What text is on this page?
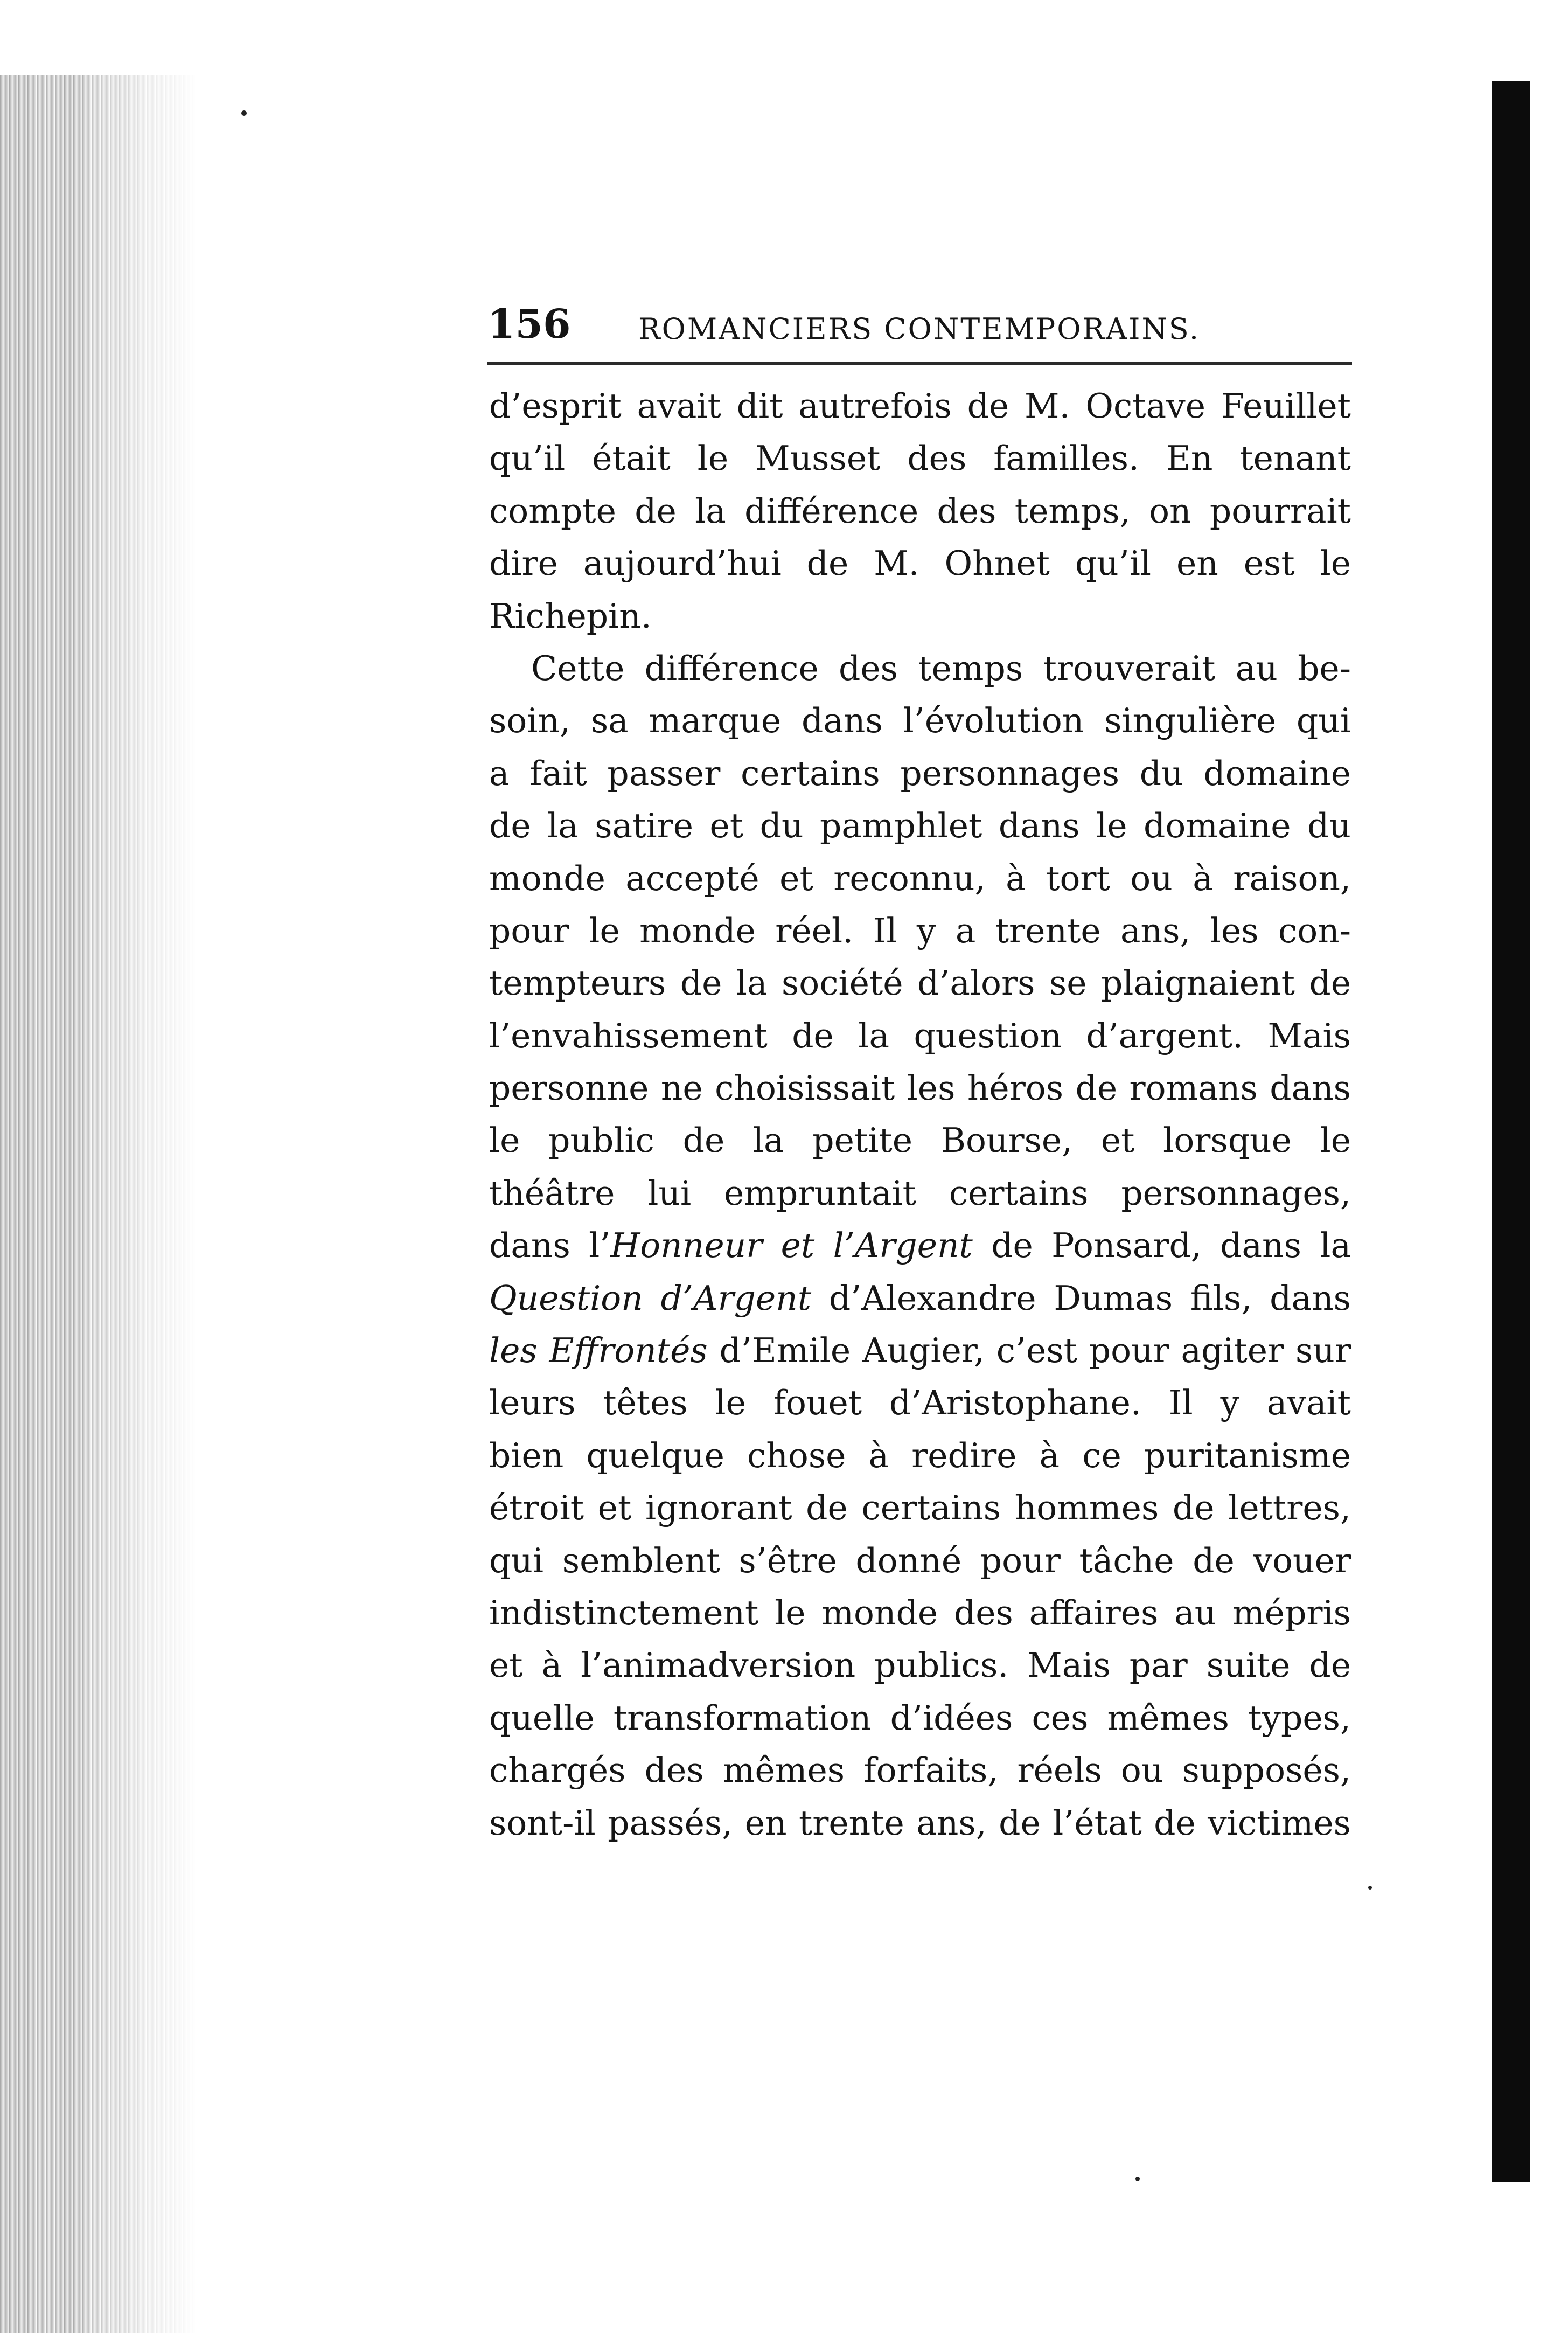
156 ROMANCIERS CONTEMPORAINS.
d’esprit avait dit autrefois de M. Octave Feuillet
qu’il était le Musset des familles. En tenant
compte de la différence des temps, on pourrait
dire aujourd’hui de M. Ohnet qu’il en est le
Richepin.
Cette différence des temps trouverait au be-
soin, sa marque dans l’évolution singulière qui
a fait passer certains personnages du domaine
de la satire et du pamphlet dans le domaine du
monde accepté et reconnu, à tort ou à raison,
pour le monde réel. Il y a trente ans, les con-
tempteurs de la société d’alors se plaignaient de
l’envahissement de la question d’argent. Mais
personne ne choisissait les héros de romans dans
le public de la petite Bourse, et lorsque le
théâtre lui empruntait certains personnages,
dans l’Honneur et l’Argent de Ponsard, dans la
Question d’Argent d’Alexandre Dumas fils, dans
les Effrontés d’Emile Augier, c’est pour agiter sur
leurs têtes le fouet d’Aristophane. Il y avait
bien quelque chose à redire à ce puritanisme
étroit et ignorant de certains hommes de lettres,
qui semblent s’être donné pour tâche de vouer
indistinctement le monde des affaires au mépris
et à l’animadversion publics. Mais par suite de
quelle transformation d’idées ces mêmes types,
chargés des mêmes forfaits, réels ou supposés,
sont-il passés, en trente ans, de l’état de victimes
